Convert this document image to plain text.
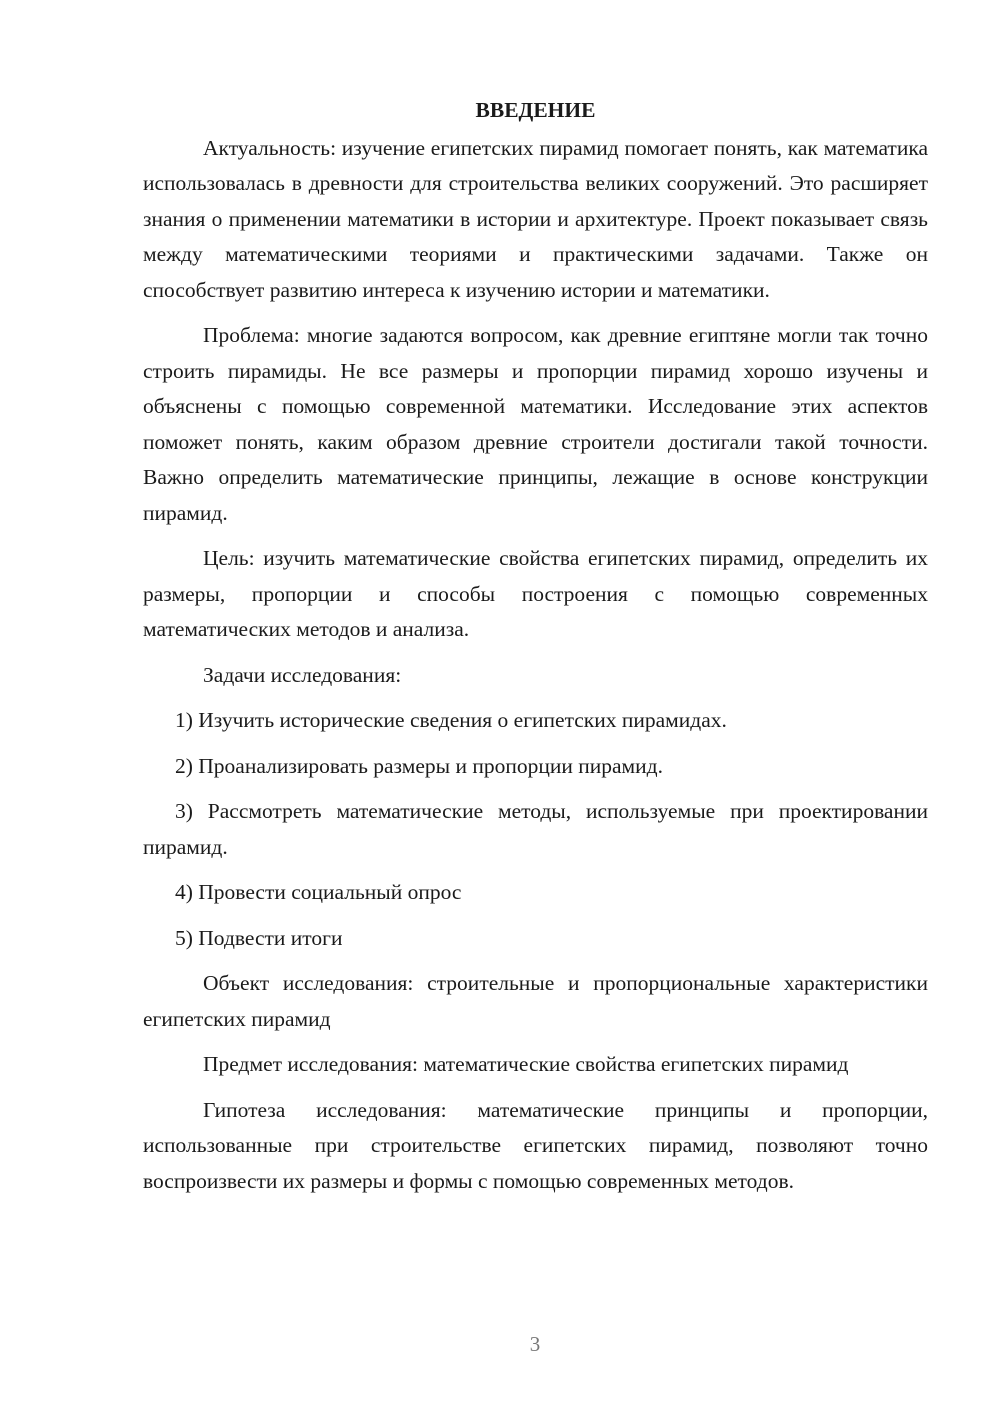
ВВЕДЕНИЕ

Актуальность: изучение египетских пирамид помогает понять, как математика использовалась в древности для строительства великих сооружений. Это расширяет знания о применении математики в истории и архитектуре. Проект показывает связь между математическими теориями и практическими задачами. Также он способствует развитию интереса к изучению истории и математики.

Проблема: многие задаются вопросом, как древние египтяне могли так точно строить пирамиды. Не все размеры и пропорции пирамид хорошо изучены и объяснены с помощью современной математики. Исследование этих аспектов поможет понять, каким образом древние строители достигали такой точности. Важно определить математические принципы, лежащие в основе конструкции пирамид.

Цель: изучить математические свойства египетских пирамид, определить их размеры, пропорции и способы построения с помощью современных математических методов и анализа.

Задачи исследования:

1) Изучить исторические сведения о египетских пирамидах.
2) Проанализировать размеры и пропорции пирамид.
3) Рассмотреть математические методы, используемые при проектировании пирамид.
4) Провести социальный опрос
5) Подвести итоги

Объект исследования: строительные и пропорциональные характеристики египетских пирамид

Предмет исследования: математические свойства египетских пирамид

Гипотеза исследования: математические принципы и пропорции, использованные при строительстве египетских пирамид, позволяют точно воспроизвести их размеры и формы с помощью современных методов.

3
